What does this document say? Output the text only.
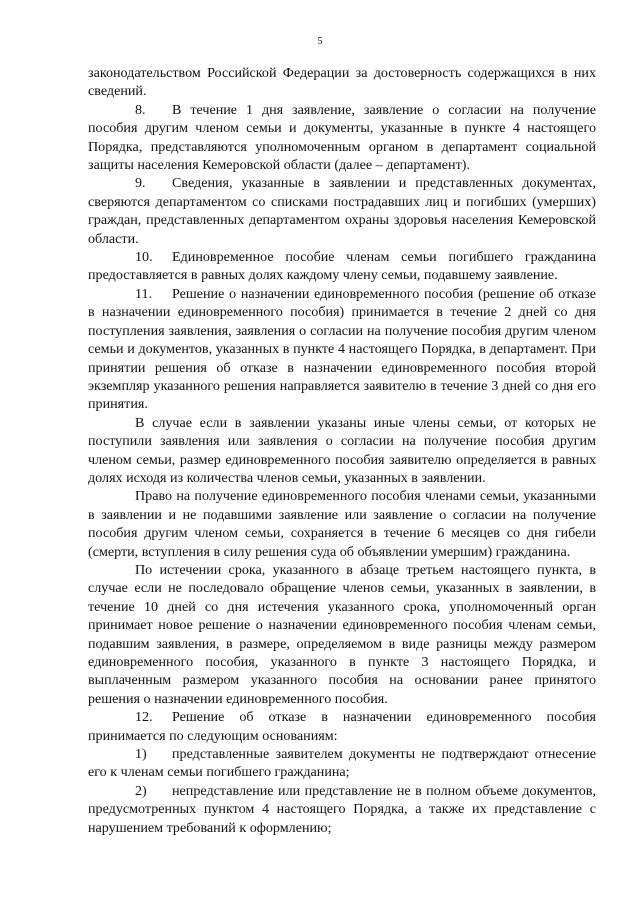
5

законодательством Российской Федерации за достоверность содержащихся в них сведений.

8. В течение 1 дня заявление, заявление о согласии на получение пособия другим членом семьи и документы, указанные в пункте 4 настоящего Порядка, представляются уполномоченным органом в департамент социальной защиты населения Кемеровской области (далее – департамент).

9. Сведения, указанные в заявлении и представленных документах, сверяются департаментом со списками пострадавших лиц и погибших (умерших) граждан, представленных департаментом охраны здоровья населения Кемеровской области.

10. Единовременное пособие членам семьи погибшего гражданина предоставляется в равных долях каждому члену семьи, подавшему заявление.

11. Решение о назначении единовременного пособия (решение об отказе в назначении единовременного пособия) принимается в течение 2 дней со дня поступления заявления, заявления о согласии на получение пособия другим членом семьи и документов, указанных в пункте 4 настоящего Порядка, в департамент. При принятии решения об отказе в назначении единовременного пособия второй экземпляр указанного решения направляется заявителю в течение 3 дней со дня его принятия.

В случае если в заявлении указаны иные члены семьи, от которых не поступили заявления или заявления о согласии на получение пособия другим членом семьи, размер единовременного пособия заявителю определяется в равных долях исходя из количества членов семьи, указанных в заявлении.

Право на получение единовременного пособия членами семьи, указанными в заявлении и не подавшими заявление или заявление о согласии на получение пособия другим членом семьи, сохраняется в течение 6 месяцев со дня гибели (смерти, вступления в силу решения суда об объявлении умершим) гражданина.

По истечении срока, указанного в абзаце третьем настоящего пункта, в случае если не последовало обращение членов семьи, указанных в заявлении, в течение 10 дней со дня истечения указанного срока, уполномоченный орган принимает новое решение о назначении единовременного пособия членам семьи, подавшим заявления, в размере, определяемом в виде разницы между размером единовременного пособия, указанного в пункте 3 настоящего Порядка, и выплаченным размером указанного пособия на основании ранее принятого решения о назначении единовременного пособия.

12. Решение об отказе в назначении единовременного пособия принимается по следующим основаниям:

1) представленные заявителем документы не подтверждают отнесение его к членам семьи погибшего гражданина;

2) непредставление или представление не в полном объеме документов, предусмотренных пунктом 4 настоящего Порядка, а также их представление с нарушением требований к оформлению;
